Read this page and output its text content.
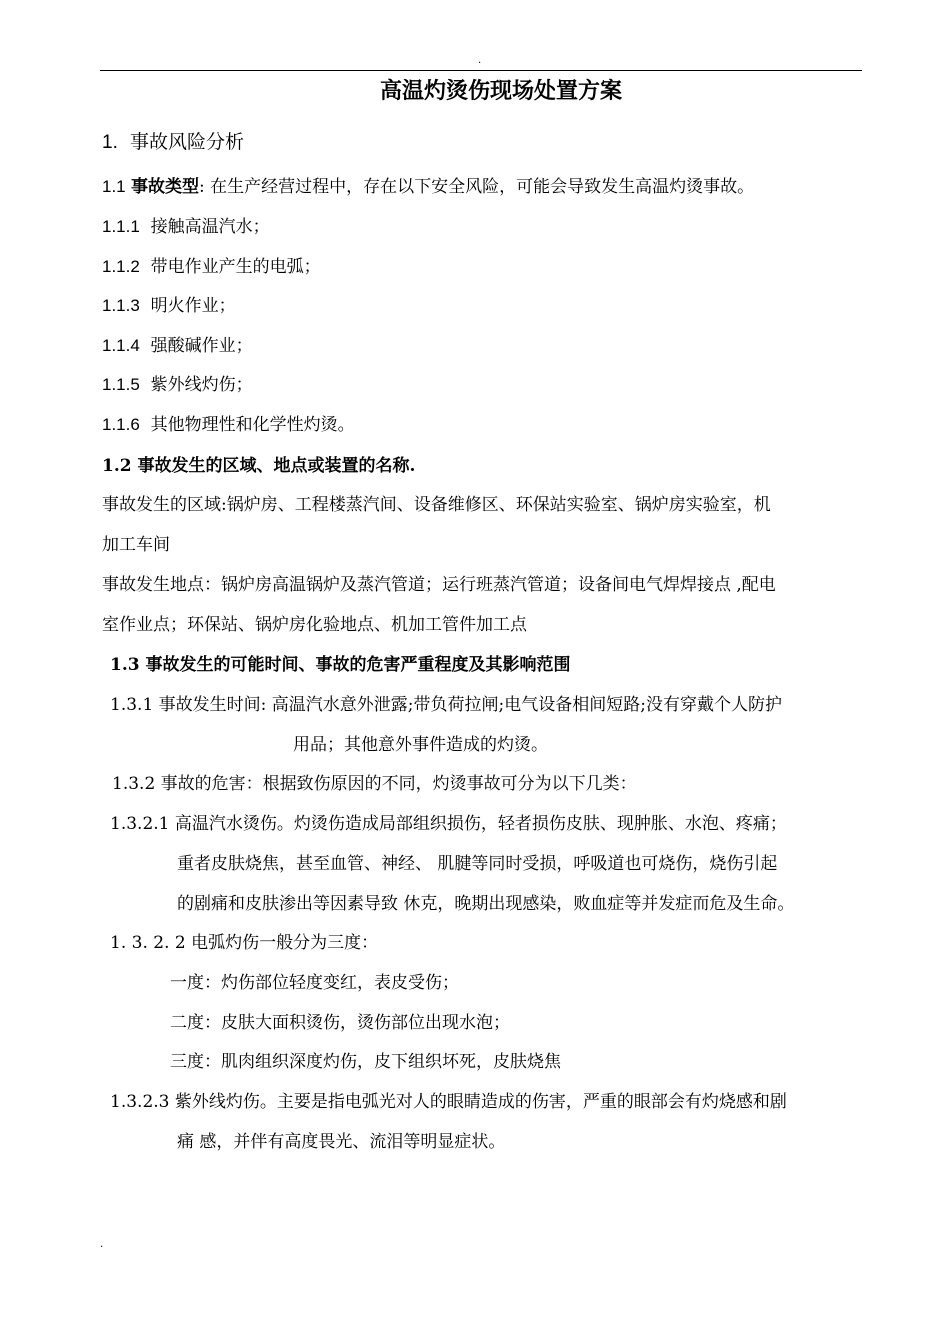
.
高温灼烫伤现场处置方案
1. 事故风险分析
1.1 事故类型: 在生产经营过程中，存在以下安全风险，可能会导致发生高温灼烫事故。
1.1.1 接触高温汽水；
1.1.2 带电作业产生的电弧；
1.1.3 明火作业；
1.1.4 强酸碱作业；
1.1.5 紫外线灼伤；
1.1.6 其他物理性和化学性灼烫。
1.2 事故发生的区域、地点或装置的名称.
事故发生的区域:锅炉房、工程楼蒸汽间、设备维修区、环保站实验室、锅炉房实验室，机
加工车间
事故发生地点：锅炉房高温锅炉及蒸汽管道；运行班蒸汽管道；设备间电气焊焊接点 ,配电
室作业点；环保站、锅炉房化验地点、机加工管件加工点
1.3 事故发生的可能时间、事故的危害严重程度及其影响范围
1.3.1 事故发生时间: 高温汽水意外泄露;带负荷拉闸;电气设备相间短路;没有穿戴个人防护
用品；其他意外事件造成的灼烫。
1.3.2 事故的危害：根据致伤原因的不同，灼烫事故可分为以下几类：
1.3.2.1 高温汽水烫伤。灼烫伤造成局部组织损伤，轻者损伤皮肤、现肿胀、水泡、疼痛；
重者皮肤烧焦，甚至血管、神经、 肌腱等同时受损，呼吸道也可烧伤，烧伤引起
的剧痛和皮肤渗出等因素导致 休克，晚期出现感染，败血症等并发症而危及生命。
1. 3. 2. 2 电弧灼伤一般分为三度：
一度：灼伤部位轻度变红，表皮受伤；
二度：皮肤大面积烫伤，烫伤部位出现水泡；
三度：肌肉组织深度灼伤，皮下组织坏死，皮肤烧焦
1.3.2.3 紫外线灼伤。主要是指电弧光对人的眼睛造成的伤害，严重的眼部会有灼烧感和剧
痛 感，并伴有高度畏光、流泪等明显症状。
.
